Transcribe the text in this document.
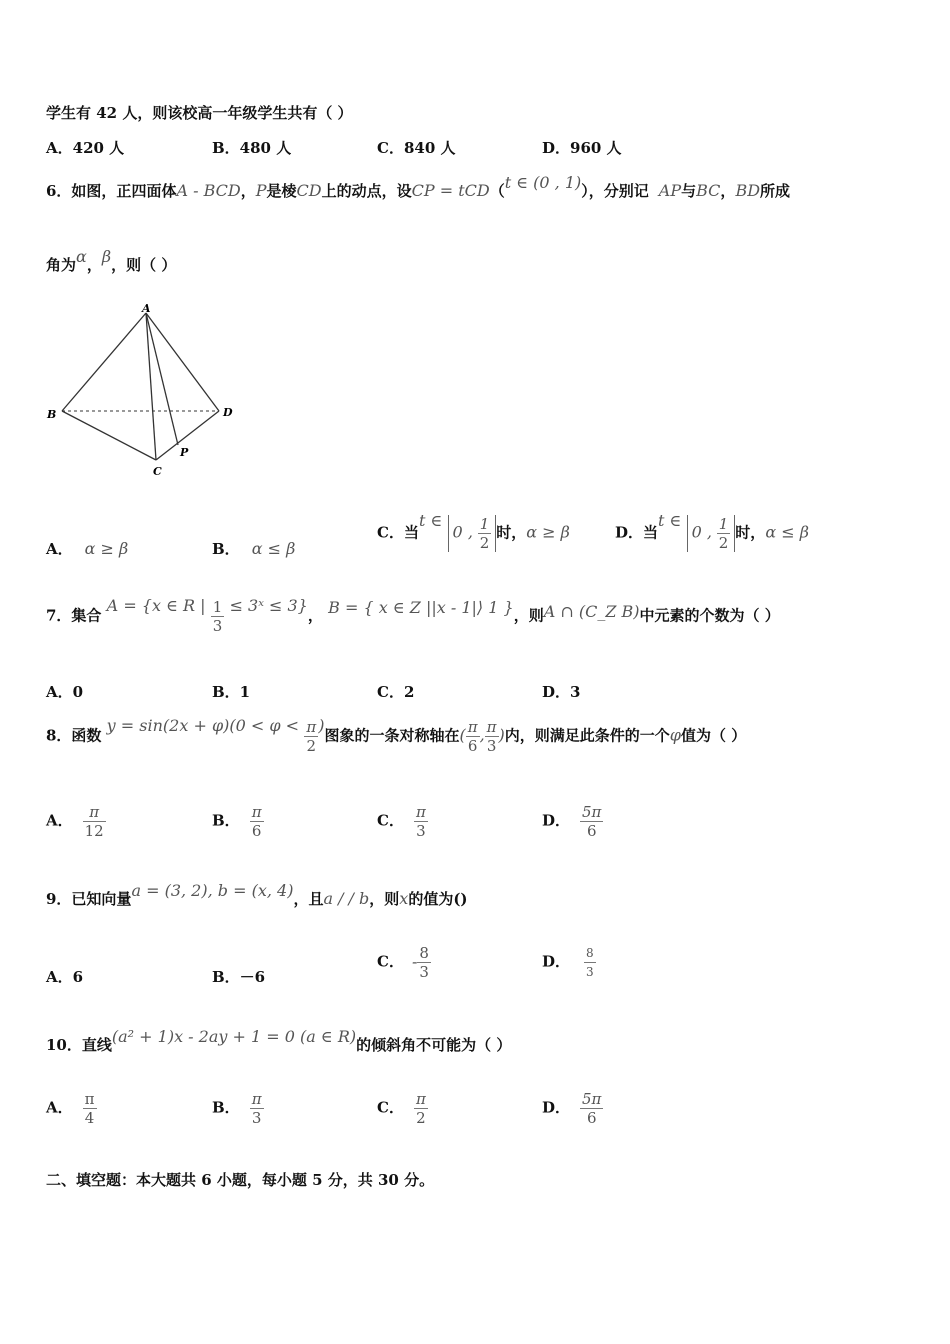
学生有 42 人，则该校高一年级学生共有（ ）
A．420 人	B．480 人	C．840 人	D．960 人
6．如图，正四面体A - BCD，P是棱CD上的动点，设CP = tCD（t ∈ (0 , 1)），分别记 AP与BC，BD所成
角为α，β，则（ ）
A
B	D
C
P
A． α ≥ β	B． α ≤ β
C．当t ∈ 0 , $\frac{1}{2}$ 时，α ≥ β	D．当t ∈ 0 , $\frac{1}{2}$ 时，α ≤ β
7．集合 A = {x ∈ R | $\frac{1}{3}$ ≤ 3ˣ ≤ 3}， B = { x ∈ Z ||x - 1|⟩ 1 }，则A ∩ (C_Z B)中元素的个数为（ ）
A．0	B．1	C．2	D．3
8．函数 $y = \sin(2x + \varphi)(0 < \varphi < \frac{\pi}{2}$ )图象的一条对称轴在( $\frac{\pi}{6}$ , $\frac{\pi}{3}$ )内，则满足此条件的一个φ值为（ ）
A． $\frac{\pi}{12}$	B． $\frac{\pi}{6}$	C． $\frac{\pi}{3}$	D． $\frac{5\pi}{6}$
9．已知向量a = (3, 2), b = (x, 4)，且a / / b，则x的值为()
A．6	B．－6
C． - $\frac{8}{3}$	D． $\frac{8}{3}$
10．直线(a² + 1)x - 2ay + 1 = 0 (a ∈ R)的倾斜角不可能为（ ）
A． $\frac{\pi}{4}$	B． $\frac{\pi}{3}$	C． $\frac{\pi}{2}$	D． $\frac{5\pi}{6}$
二、填空题：本大题共 6 小题，每小题 5 分，共 30 分。
